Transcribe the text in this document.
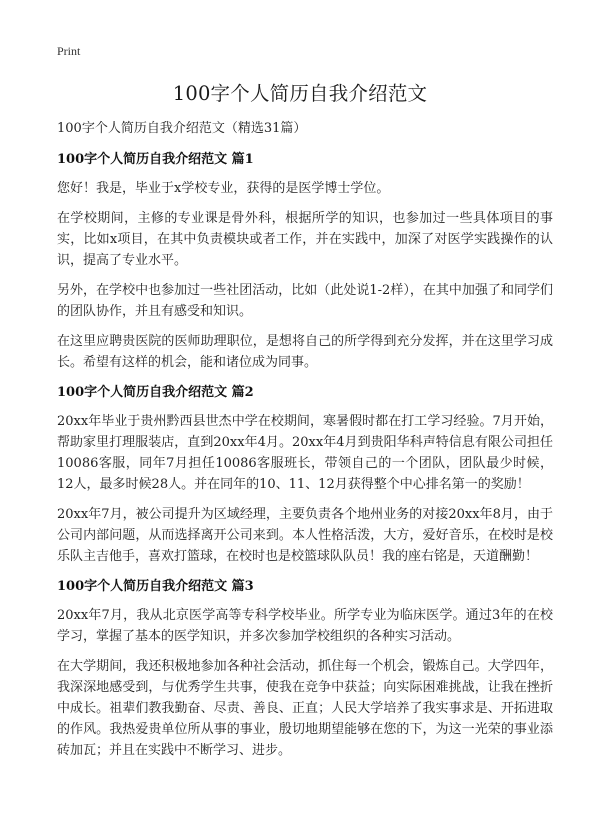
Print
100字个人简历自我介绍范文

100字个人简历自我介绍范文（精选31篇）

100字个人简历自我介绍范文 篇1

您好！我是，毕业于x学校专业，获得的是医学博士学位。

在学校期间，主修的专业课是骨外科，根据所学的知识，也参加过一些具体项目的事实，比如x项目，在其中负责模块或者工作，并在实践中，加深了对医学实践操作的认识，提高了专业水平。

另外，在学校中也参加过一些社团活动，比如（此处说1-2样），在其中加强了和同学们的团队协作，并且有感受和知识。

在这里应聘贵医院的医师助理职位，是想将自己的所学得到充分发挥，并在这里学习成长。希望有这样的机会，能和诸位成为同事。

100字个人简历自我介绍范文 篇2

20xx年毕业于贵州黔西县世杰中学在校期间，寒暑假时都在打工学习经验。7月开始，帮助家里打理服装店，直到20xx年4月。20xx年4月到贵阳华科声特信息有限公司担任10086客服，同年7月担任10086客服班长，带领自己的一个团队，团队最少时候，12人，最多时候28人。并在同年的10、11、12月获得整个中心排名第一的奖励！

20xx年7月，被公司提升为区域经理，主要负责各个地州业务的对接20xx年8月，由于公司内部问题，从而选择离开公司来到。本人性格活泼，大方，爱好音乐，在校时是校乐队主吉他手，喜欢打篮球，在校时也是校篮球队队员！我的座右铭是，天道酬勤！

100字个人简历自我介绍范文 篇3

20xx年7月，我从北京医学高等专科学校毕业。所学专业为临床医学。通过3年的在校学习，掌握了基本的医学知识，并多次参加学校组织的各种实习活动。

在大学期间，我还积极地参加各种社会活动，抓住每一个机会，锻炼自己。大学四年，我深深地感受到，与优秀学生共事，使我在竞争中获益；向实际困难挑战，让我在挫折中成长。祖辈们教我勤奋、尽责、善良、正直；人民大学培养了我实事求是、开拓进取的作风。我热爱贵单位所从事的事业，殷切地期望能够在您的下，为这一光荣的事业添砖加瓦；并且在实践中不断学习、进步。
